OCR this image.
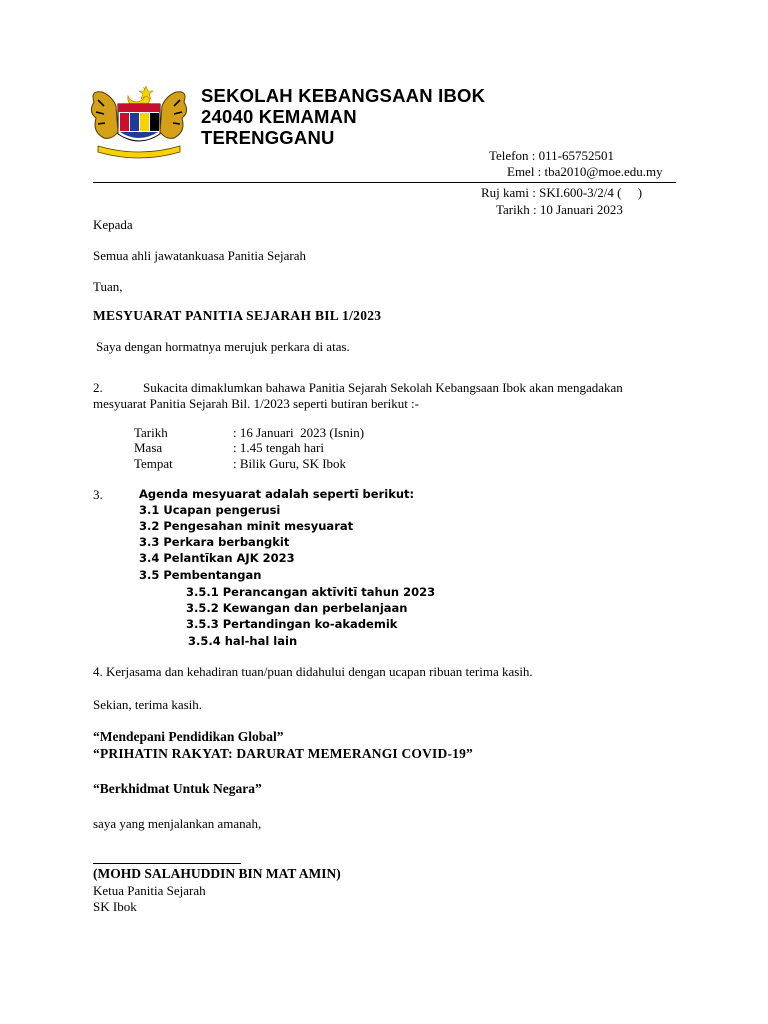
SEKOLAH KEBANGSAAN IBOK
24040 KEMAMAN
TERENGGANU
Telefon : 011-65752501
Emel : tba2010@moe.edu.my
Ruj kami : SKI.600-3/2/4 (     )
Tarikh : 10 Januari 2023
Kepada
Semua ahli jawatankuasa Panitia Sejarah
Tuan,
MESYUARAT PANITIA SEJARAH BIL 1/2023
Saya dengan hormatnya merujuk perkara di atas.
2.	Sukacita dimaklumkan bahawa Panitia Sejarah Sekolah Kebangsaan Ibok akan mengadakan
mesyuarat Panitia Sejarah Bil. 1/2023 seperti butiran berikut :-
Tarikh	: 16 Januari  2023 (Isnin)
Masa	: 1.45 tengah hari
Tempat	: Bilik Guru, SK Ibok
3.	Agenda mesyuarat adalah sepertī berikut:
3.1 Ucapan pengerusi
3.2 Pengesahan minit mesyuarat
3.3 Perkara berbangkit
3.4 Pelantīkan AJK 2023
3.5 Pembentangan
3.5.1 Perancangan aktīvitī tahun 2023
3.5.2 Kewangan dan perbelanjaan
3.5.3 Pertandingan ko-akademik
3.5.4 hal-hal lain
4. Kerjasama dan kehadiran tuan/puan didahului dengan ucapan ribuan terima kasih.
Sekian, terima kasih.
“Mendepani Pendidikan Global”
“PRIHATIN RAKYAT: DARURAT MEMERANGI COVID-19”
“Berkhidmat Untuk Negara”
saya yang menjalankan amanah,
(MOHD SALAHUDDIN BIN MAT AMIN)
Ketua Panitia Sejarah
SK Ibok
